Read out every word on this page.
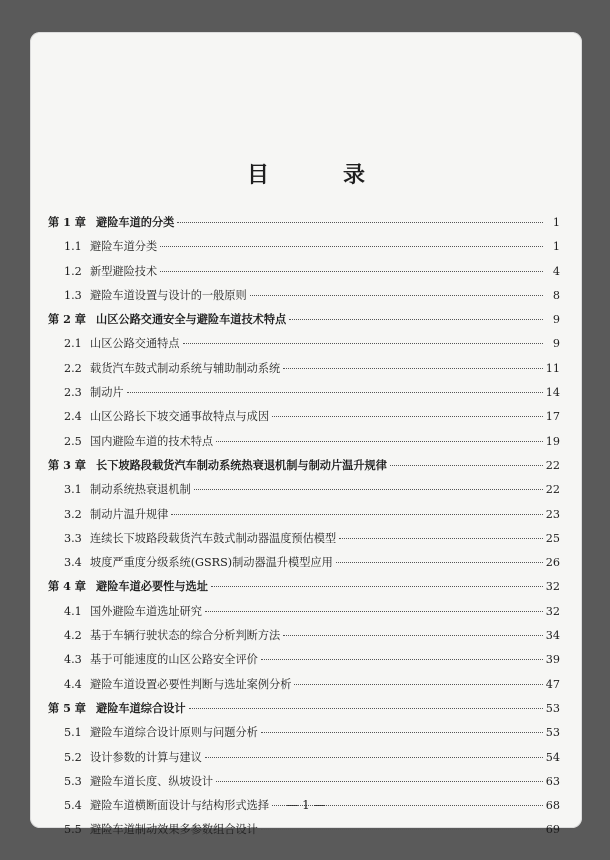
目　录
第 1 章 避险车道的分类	1
1.1 避险车道分类	1
1.2 新型避险技术	4
1.3 避险车道设置与设计的一般原则	8
第 2 章 山区公路交通安全与避险车道技术特点	9
2.1 山区公路交通特点	9
2.2 载货汽车鼓式制动系统与辅助制动系统	11
2.3 制动片	14
2.4 山区公路长下坡交通事故特点与成因	17
2.5 国内避险车道的技术特点	19
第 3 章 长下坡路段载货汽车制动系统热衰退机制与制动片温升规律	22
3.1 制动系统热衰退机制	22
3.2 制动片温升规律	23
3.3 连续长下坡路段载货汽车鼓式制动器温度预估模型	25
3.4 坡度严重度分级系统(GSRS)制动器温升模型应用	26
第 4 章 避险车道必要性与选址	32
4.1 国外避险车道选址研究	32
4.2 基于车辆行驶状态的综合分析判断方法	34
4.3 基于可能速度的山区公路安全评价	39
4.4 避险车道设置必要性判断与选址案例分析	47
第 5 章 避险车道综合设计	53
5.1 避险车道综合设计原则与问题分析	53
5.2 设计参数的计算与建议	54
5.3 避险车道长度、纵坡设计	63
5.4 避险车道横断面设计与结构形式选择	68
5.5 避险车道制动效果多参数组合设计	69
— 1 —
